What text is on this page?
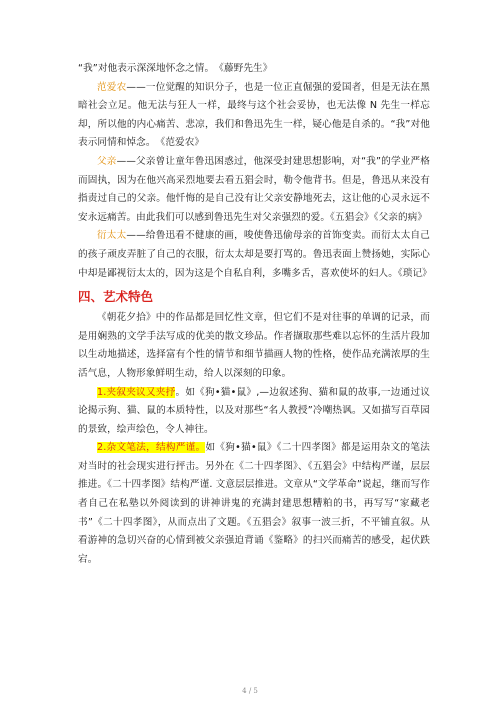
“我”对他表示深深地怀念之情。　《藤野先生》

范爱农——一位觉醒的知识分子，也是一位正直倔强的爱国者，但是无法在黑暗社会立足。他无法与狂人一样，最终与这个社会妥协，也无法像 N 先生一样忘却，所以他的内心痛苦、悲凉，我们和鲁迅先生一样，疑心他是自杀的。“我”对他表示同情和悼念。　《范爱农》

父亲——父亲曾让童年鲁迅困惑过，他深受封建思想影响，对“我”的学业严格而固执，因为在他兴高采烈地要去看五猖会时，勒令他背书。但是，鲁迅从来没有指责过自己的父亲。他忏悔的是自己没有让父亲安静地死去，这让他的心灵永远不安永远痛苦。由此我们可以感到鲁迅先生对父亲强烈的爱。《五猖会》《父亲的病》

衍太太——给鲁迅看不健康的画，唆使鲁迅偷母亲的首饰变卖。而衍太太自己的孩子顽皮弄脏了自己的衣服，衍太太却是要打骂的。鲁迅表面上赞扬她，实际心中却是鄙视衍太太的，因为这是个自私自利，多嘴多舌，喜欢使坏的妇人。《琐记》

四、艺术特色

《朝花夕拾》中的作品都是回忆性文章，但它们不是对往事的单调的记录，而是用娴熟的文学手法写成的优美的散文珍品。作者撷取那些难以忘怀的生活片段加以生动地描述，选择富有个性的情节和细节描画人物的性格，使作品充满浓厚的生活气息，人物形象鲜明生动，给人以深刻的印象。

1.夹叙夹议又夹抒。如《狗•猫•鼠》,—边叙述狗、猫和鼠的故事,一边通过议论揭示狗、猫、鼠的本质特性，以及对那些“名人教授”冷嘲热讽。又如描写百草园的景致，绘声绘色，令人神往。

2.杂文笔法，结构严谨。如《狗•猫•鼠》《二十四孝图》都是运用杂文的笔法对当时的社会现实进行抨击。另外在《二十四孝图》、《五猖会》中结构严谨，层层推进。《二十四孝图》结构严谨. 文意层层推进。文章从“文学革命”说起，继而写作者自己在私塾以外阅读到的讲神讲鬼的充满封建思想糟粕的书，再写写“家藏老书”《二十四孝图》，从而点出了文题。《五猖会》叙事一波三折，不平铺直叙。从看游神的急切兴奋的心情到被父亲强迫背诵《鉴略》的扫兴而痛苦的感受，起伏跌宕。

4 / 5
